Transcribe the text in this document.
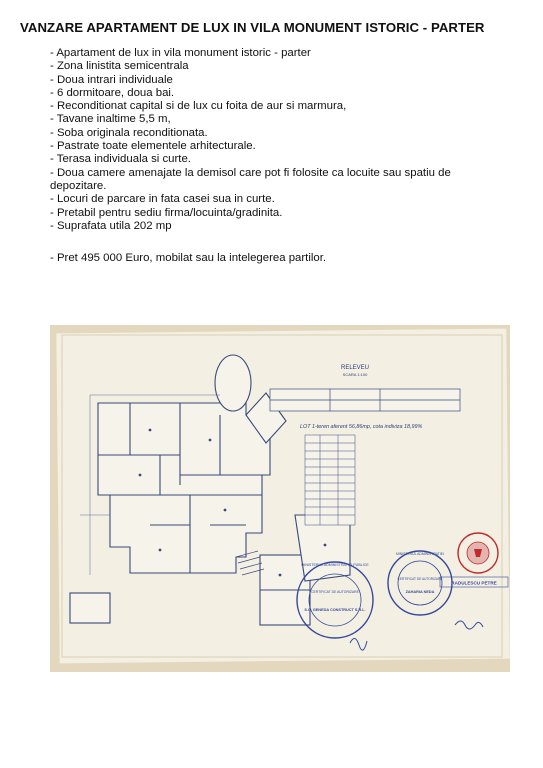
VANZARE APARTAMENT DE LUX IN VILA MONUMENT ISTORIC - PARTER
- Apartament de lux in vila monument istoric - parter
- Zona linistita semicentrala
- Doua intrari individuale
- 6 dormitoare, doua bai.
- Reconditionat capital si de lux cu foita de aur si marmura,
- Tavane inaltime 5,5 m,
- Soba originala reconditionata.
- Pastrate toate elementele arhitecturale.
- Terasa individuala si curte.
- Doua camere amenajate la demisol care pot fi folosite ca locuite sau spatiu de depozitare.
- Locuri de parcare in fata casei sua in curte.
- Pretabil pentru sediu firma/locuinta/gradinita.
- Suprafata utila 202 mp
- Pret 495 000 Euro, mobilat sau la intelegerea partilor.
RELEVEU
SCARA 1:100
LOT 1-teren aferent 56,86mp, cota indiviza 18,99%
MINISTERUL ADMINISTRATIEI PUBLICE
CERTIFICAT DE AUTORIZARE
S.C. GENEDA CONSTRUCT S.R.L.
MINISTERUL ADMINISTRATIEI
CERTIFICAT DE AUTORIZARE
ZAHARIA NEDA
RADULESCU PETRE
